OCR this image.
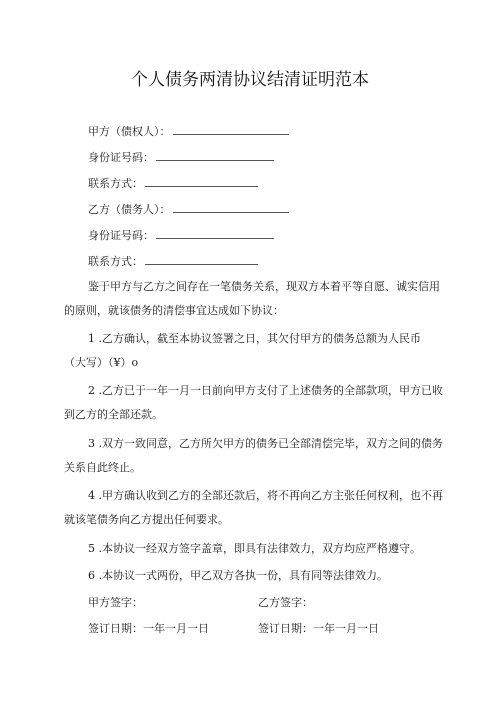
个人债务两清协议结清证明范本
甲方（债权人）：
身份证号码：
联系方式：
乙方（债务人）：
身份证号码：
联系方式：
鉴于甲方与乙方之间存在一笔债务关系，现双方本着平等自愿、诚实信用
的原则，就该债务的清偿事宜达成如下协议：
1 .乙方确认，截至本协议签署之日，其欠付甲方的债务总额为人民币
（大写）（¥）o
2 .乙方已于一年一月一日前向甲方支付了上述债务的全部款项，甲方已收
到乙方的全部还款。
3 .双方一致同意，乙方所欠甲方的债务已全部清偿完毕，双方之间的债务
关系自此终止。
4 .甲方确认收到乙方的全部还款后，将不再向乙方主张任何权利，也不再
就该笔债务向乙方提出任何要求。
5 .本协议一经双方签字盖章，即具有法律效力，双方均应严格遵守。
6 .本协议一式两份，甲乙双方各执一份，具有同等法律效力。
甲方签字：	乙方签字：
签订日期：一年一月一日	签订日期：一年一月一日
